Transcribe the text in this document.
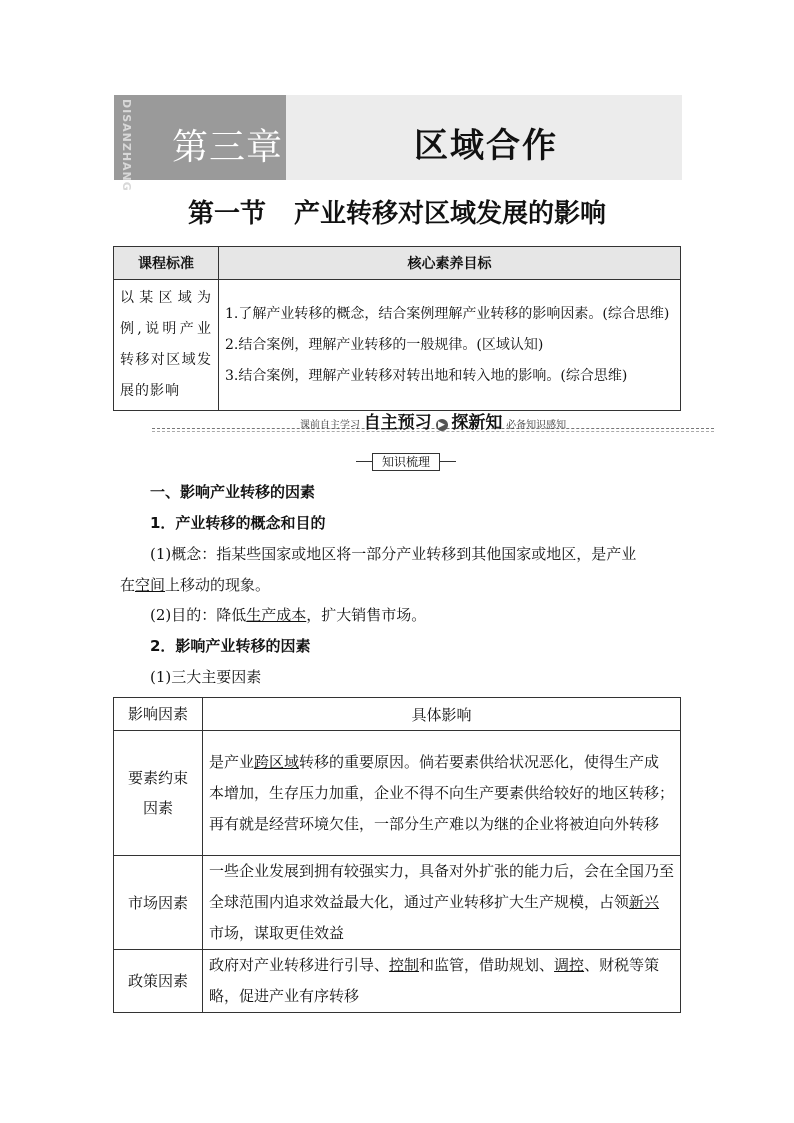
DISANZHANG 第三章	区域合作
第一节 产业转移对区域发展的影响
课程标准	核心素养目标
以某区域为例,说明产业转移对区域发展的影响	1.了解产业转移的概念，结合案例理解产业转移的影响因素。(综合思维)
2.结合案例，理解产业转移的一般规律。(区域认知)
3.结合案例，理解产业转移对转出地和转入地的影响。(综合思维)
课前自主学习 自主预习 ▶ 探新知 必备知识感知
知识梳理
一、影响产业转移的因素
1．产业转移的概念和目的
(1)概念：指某些国家或地区将一部分产业转移到其他国家或地区，是产业
在空间上移动的现象。
(2)目的：降低生产成本，扩大销售市场。
2．影响产业转移的因素
(1)三大主要因素
影响因素	具体影响

要素约束因素	是产业跨区域转移的重要原因。倘若要素供给状况恶化，使得生产成本增加，生存压力加重，企业不得不向生产要素供给较好的地区转移；再有就是经营环境欠佳，一部分生产难以为继的企业将被迫向外转移
市场因素	一些企业发展到拥有较强实力，具备对外扩张的能力后，会在全国乃至全球范围内追求效益最大化，通过产业转移扩大生产规模，占领新兴市场，谋取更佳效益
政策因素	政府对产业转移进行引导、控制和监管，借助规划、调控、财税等策略，促进产业有序转移
